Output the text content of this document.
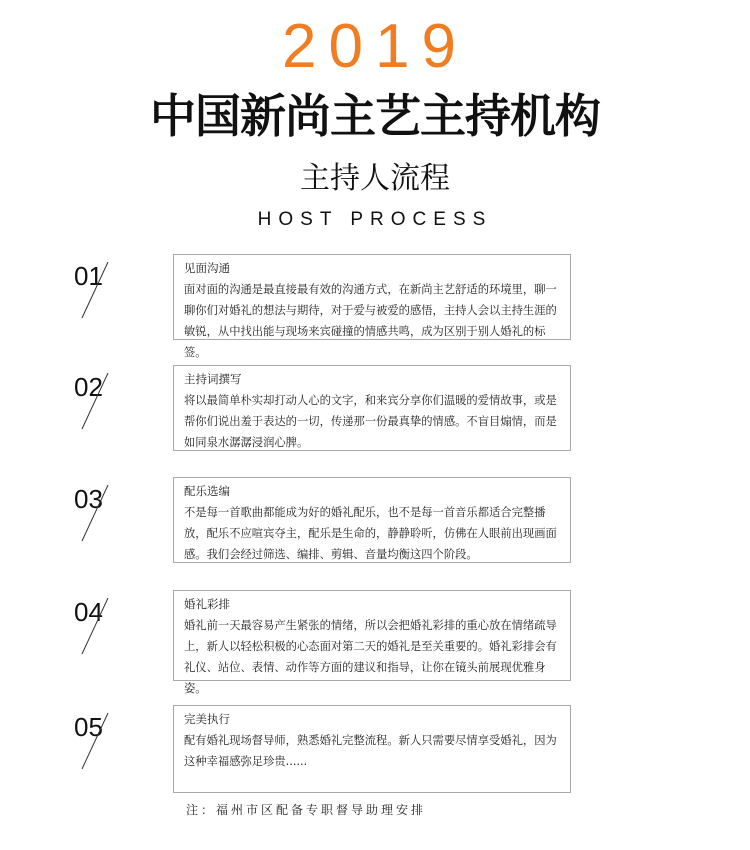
2019
中国新尚主艺主持机构
主持人流程
HOST PROCESS
01	见面沟通
面对面的沟通是最直接最有效的沟通方式，在新尚主艺舒适的环境里，聊一聊你们对婚礼的想法与期待，对于爱与被爱的感悟，主持人会以主持生涯的敏锐，从中找出能与现场来宾碰撞的情感共鸣，成为区别于别人婚礼的标签。
02	主持词撰写
将以最简单朴实却打动人心的文字，和来宾分享你们温暖的爱情故事，或是帮你们说出羞于表达的一切，传递那一份最真挚的情感。不盲目煽情，而是如同泉水潺潺浸润心脾。
03	配乐选编
不是每一首歌曲都能成为好的婚礼配乐，也不是每一首音乐都适合完整播放，配乐不应喧宾夺主，配乐是生命的，静静聆听，仿佛在人眼前出现画面感。我们会经过筛选、编排、剪辑、音量均衡这四个阶段。
04	婚礼彩排
婚礼前一天最容易产生紧张的情绪，所以会把婚礼彩排的重心放在情绪疏导上，新人以轻松积极的心态面对第二天的婚礼是至关重要的。婚礼彩排会有礼仪、站位、表情、动作等方面的建议和指导，让你在镜头前展现优雅身姿。
05	完美执行
配有婚礼现场督导师，熟悉婚礼完整流程。新人只需要尽情享受婚礼，因为这种幸福感弥足珍贵......
注：福州市区配备专职督导助理安排
